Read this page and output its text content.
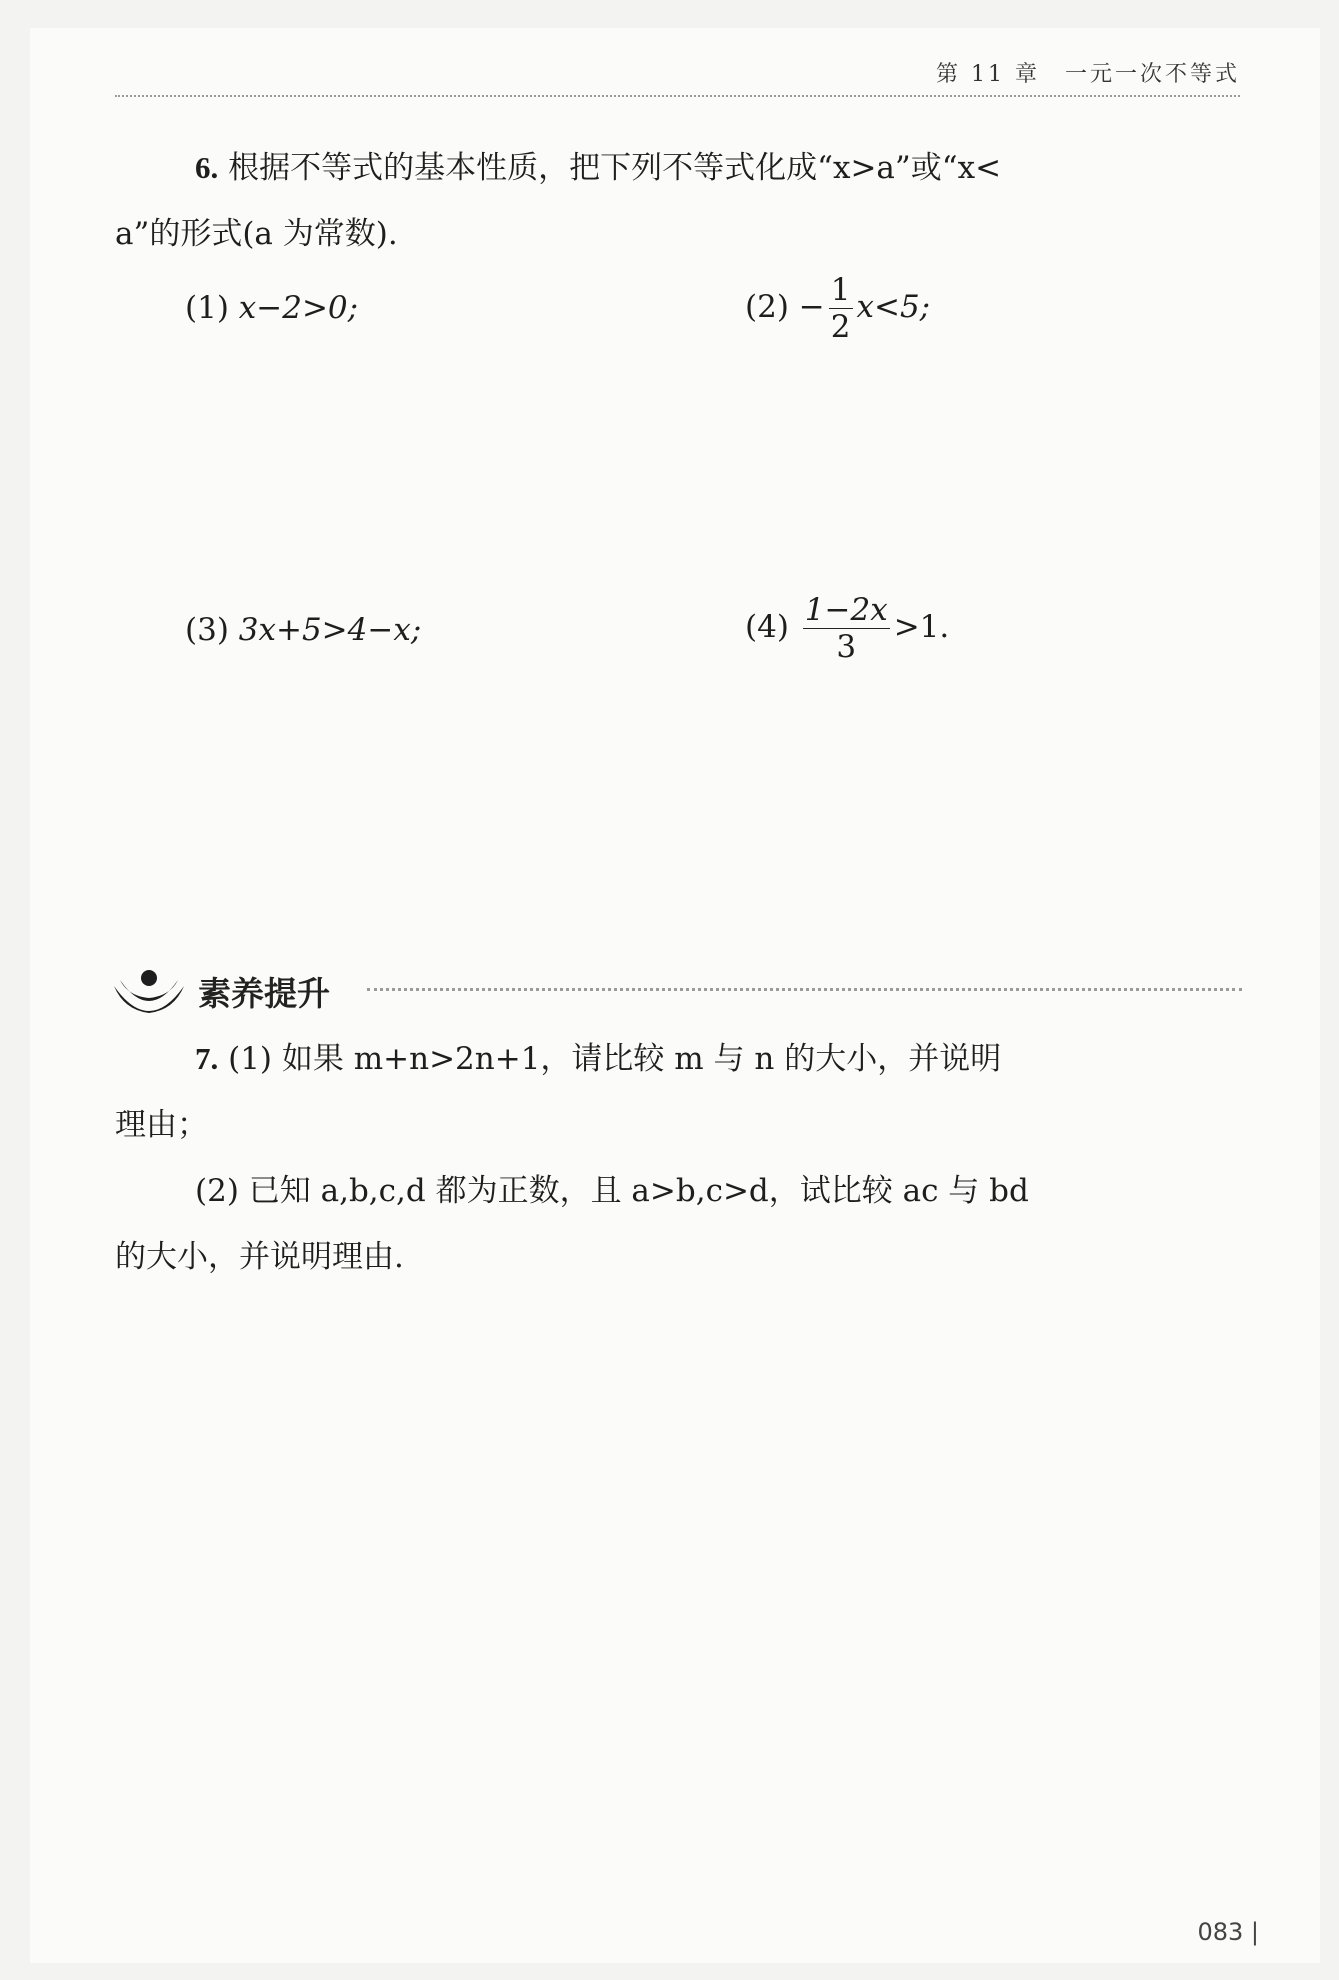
第 11 章　一元一次不等式
6. 根据不等式的基本性质，把下列不等式化成“x>a”或“x<
a”的形式(a 为常数).
(1) x−2>0;	$(2) - \frac{1}{2} x<5$;
(3) 3x+5>4−x;	$(4) \frac{1-2x}{3} >1$.
素养提升
7. (1) 如果 m+n>2n+1，请比较 m 与 n 的大小，并说明
理由；
(2) 已知 a,b,c,d 都为正数，且 a>b,c>d，试比较 ac 与 bd
的大小，并说明理由.
083 |
